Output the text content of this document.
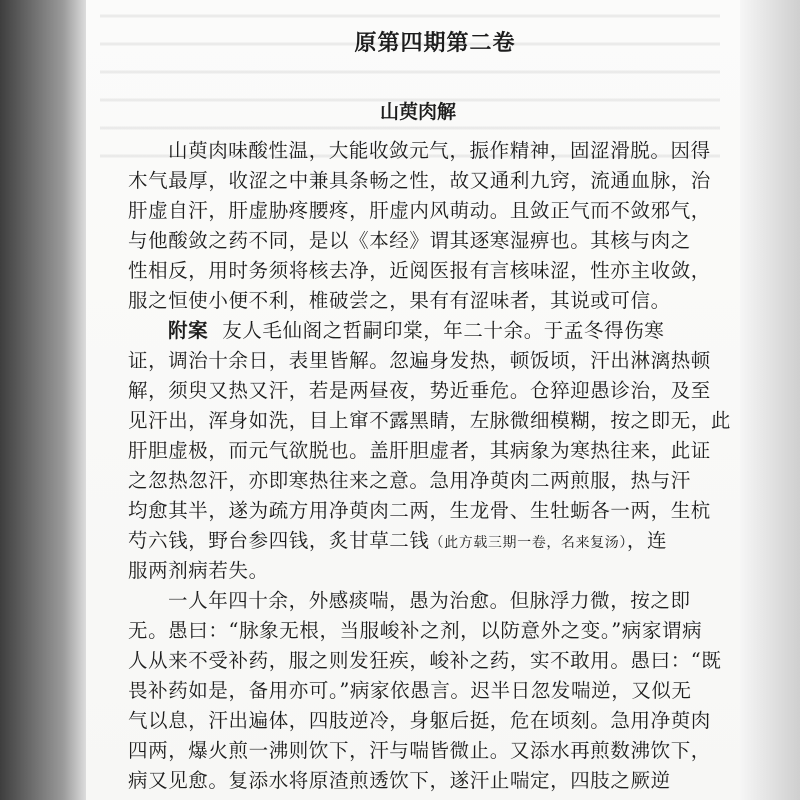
原第四期第二卷
山萸肉解
山萸肉味酸性温，大能收敛元气，振作精神，固涩滑脱。因得
木气最厚，收涩之中兼具条畅之性，故又通利九窍，流通血脉，治
肝虚自汗，肝虚胁疼腰疼，肝虚内风萌动。且敛正气而不敛邪气，
与他酸敛之药不同，是以《本经》谓其逐寒湿痹也。其核与肉之
性相反，用时务须将核去净，近阅医报有言核味涩，性亦主收敛，
服之恒使小便不利，椎破尝之，果有有涩味者，其说或可信。
附案 友人毛仙阁之哲嗣印棠，年二十余。于孟冬得伤寒
证，调治十余日，表里皆解。忽遍身发热，顿饭顷，汗出淋漓热顿
解，须臾又热又汗，若是两昼夜，势近垂危。仓猝迎愚诊治，及至
见汗出，浑身如洗，目上窜不露黑睛，左脉微细模糊，按之即无，此
肝胆虚极，而元气欲脱也。盖肝胆虚者，其病象为寒热往来，此证
之忽热忽汗，亦即寒热往来之意。急用净萸肉二两煎服，热与汗
均愈其半，遂为疏方用净萸肉二两，生龙骨、生牡蛎各一两，生杭
芍六钱，野台参四钱，炙甘草二钱（此方载三期一卷，名来复汤），连
服两剂病若失。
一人年四十余，外感痰喘，愚为治愈。但脉浮力微，按之即
无。愚曰：“脉象无根，当服峻补之剂，以防意外之变。”病家谓病
人从来不受补药，服之则发狂疾，峻补之药，实不敢用。愚曰：“既
畏补药如是，备用亦可。”病家依愚言。迟半日忽发喘逆，又似无
气以息，汗出遍体，四肢逆冷，身躯后挺，危在顷刻。急用净萸肉
四两，爆火煎一沸则饮下，汗与喘皆微止。又添水再煎数沸饮下，
病又见愈。复添水将原渣煎透饮下，遂汗止喘定，四肢之厥逆
